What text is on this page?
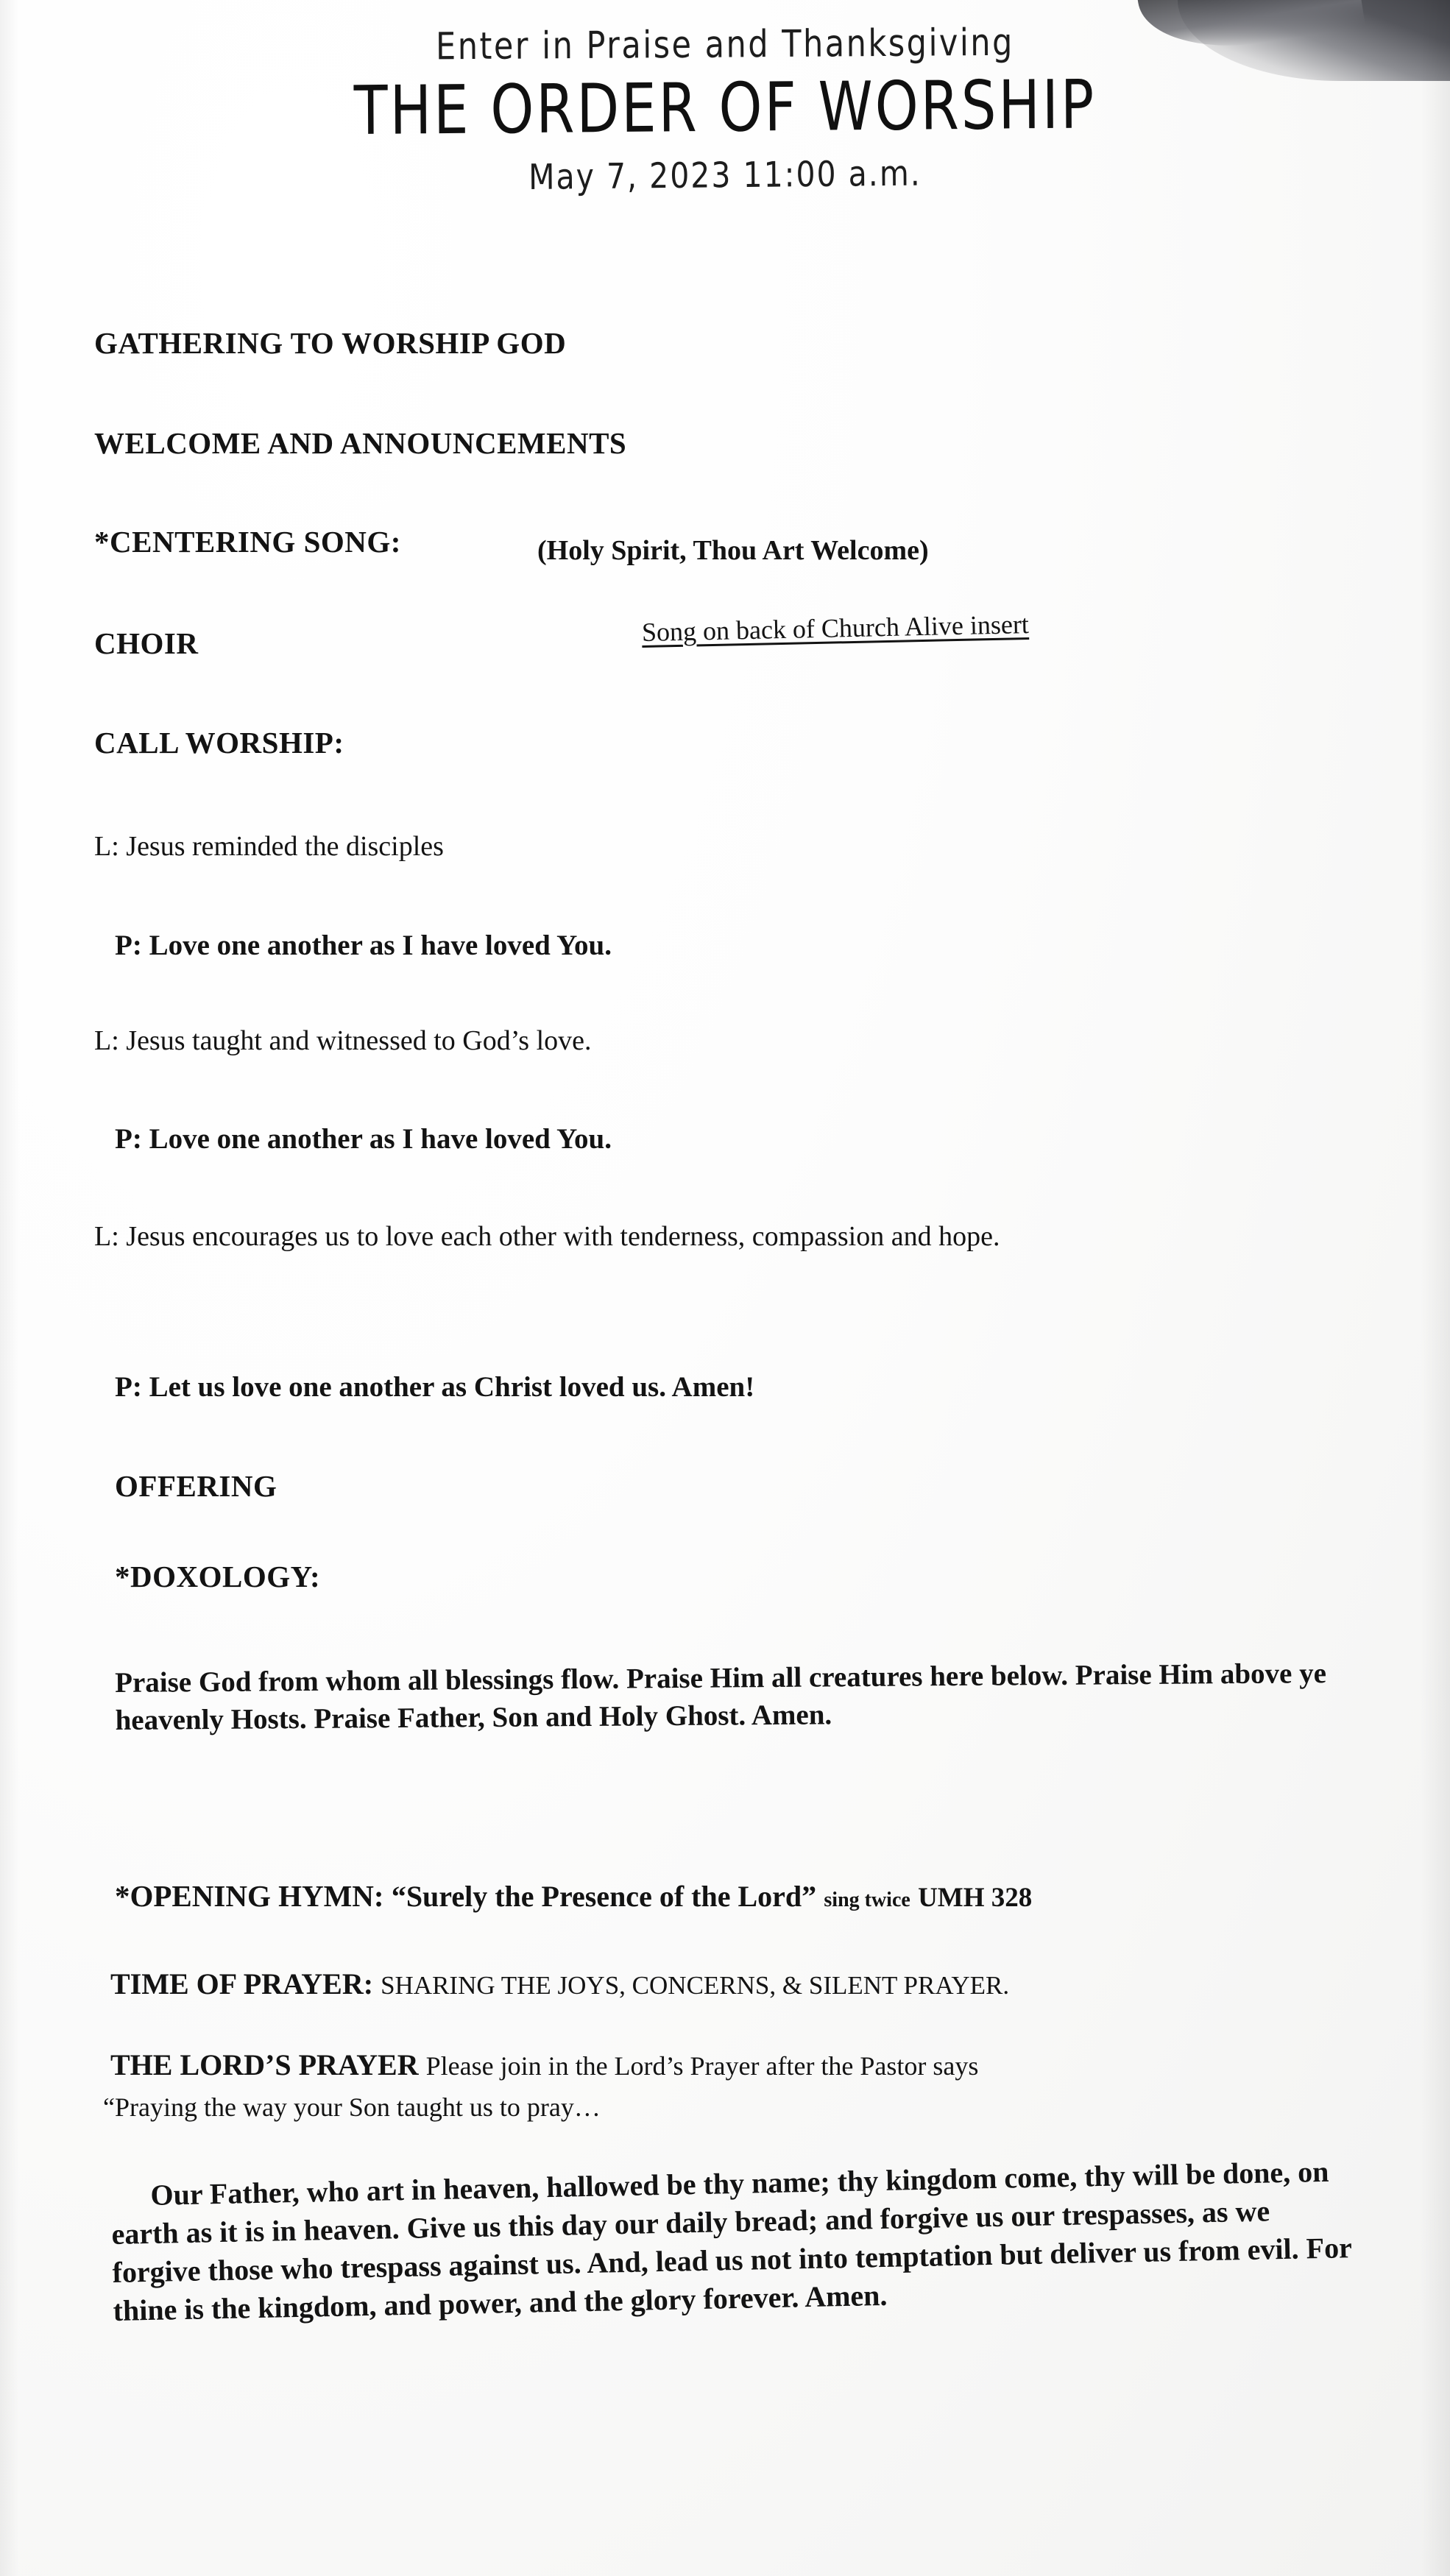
Enter in Praise and Thanksgiving
THE ORDER OF WORSHIP
May 7, 2023 11:00 a.m.
GATHERING TO WORSHIP GOD
WELCOME AND ANNOUNCEMENTS
*CENTERING SONG:	(Holy Spirit, Thou Art Welcome)
Song on back of Church Alive insert
CHOIR
CALL WORSHIP:
L: Jesus reminded the disciples
P: Love one another as I have loved You.
L: Jesus taught and witnessed to God’s love.
P: Love one another as I have loved You.
L: Jesus encourages us to love each other with tenderness, compassion and hope.
P: Let us love one another as Christ loved us. Amen!
OFFERING
*DOXOLOGY:
Praise God from whom all blessings flow. Praise Him all creatures here below. Praise Him above ye heavenly Hosts. Praise Father, Son and Holy Ghost. Amen.
*OPENING HYMN: “Surely the Presence of the Lord” sing twice UMH 328
TIME OF PRAYER: SHARING THE JOYS, CONCERNS, & SILENT PRAYER.
THE LORD’S PRAYER Please join in the Lord’s Prayer after the Pastor says
“Praying the way your Son taught us to pray…
Our Father, who art in heaven, hallowed be thy name; thy kingdom come, thy will be done, on earth as it is in heaven. Give us this day our daily bread; and forgive us our trespasses, as we forgive those who trespass against us. And, lead us not into temptation but deliver us from evil. For thine is the kingdom, and power, and the glory forever. Amen.
